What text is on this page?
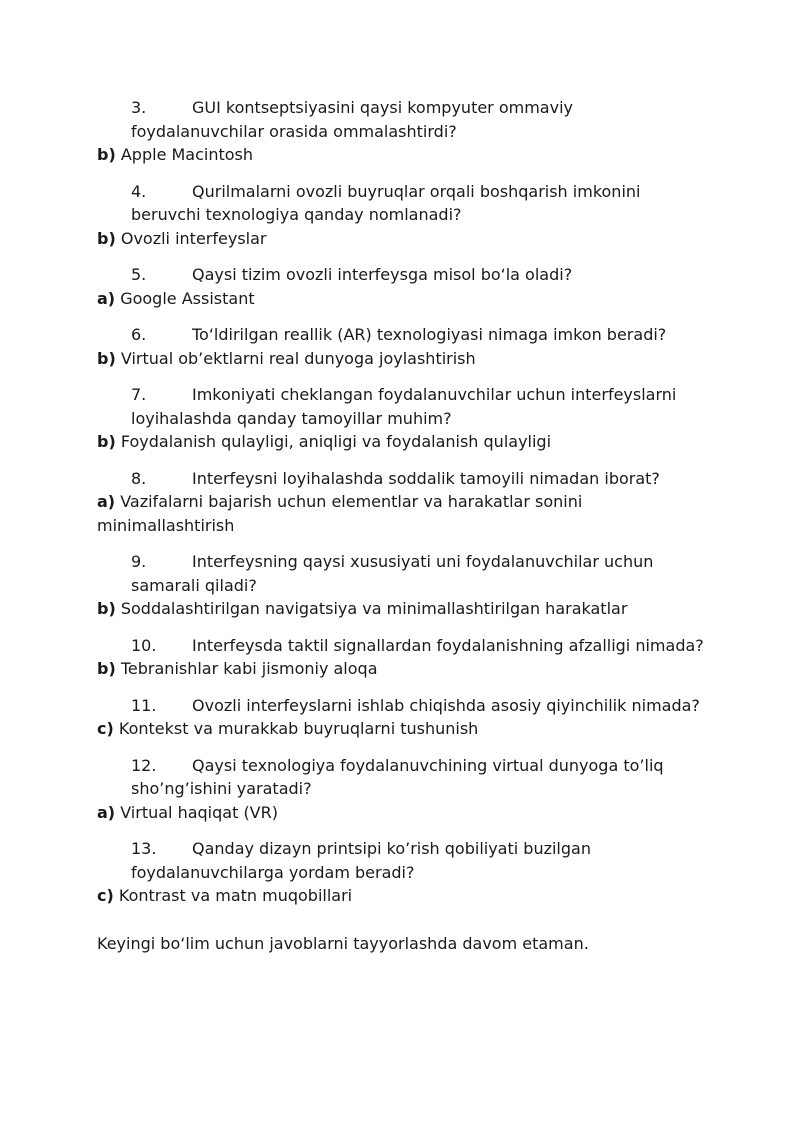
3.	GUI kontseptsiyasini qaysi kompyuter ommaviy foydalanuvchilar orasida ommalashtirdi?

b) Apple Macintosh

4.	Qurilmalarni ovozli buyruqlar orqali boshqarish imkonini beruvchi texnologiya qanday nomlanadi?

b) Ovozli interfeyslar

5.	Qaysi tizim ovozli interfeysga misol bo‘la oladi?

a) Google Assistant

6.	To‘ldirilgan reallik (AR) texnologiyasi nimaga imkon beradi?

b) Virtual ob’ektlarni real dunyoga joylashtirish

7.	Imkoniyati cheklangan foydalanuvchilar uchun interfeyslarni loyihalashda qanday tamoyillar muhim?

b) Foydalanish qulayligi, aniqligi va foydalanish qulayligi

8.	Interfeysni loyihalashda soddalik tamoyili nimadan iborat?

a) Vazifalarni bajarish uchun elementlar va harakatlar sonini minimallashtirish

9.	Interfeysning qaysi xususiyati uni foydalanuvchilar uchun samarali qiladi?

b) Soddalashtirilgan navigatsiya va minimallashtirilgan harakatlar

10. Interfeysda taktil signallardan foydalanishning afzalligi nimada?

b) Tebranishlar kabi jismoniy aloqa

11. Ovozli interfeyslarni ishlab chiqishda asosiy qiyinchilik nimada?

c) Kontekst va murakkab buyruqlarni tushunish

12. Qaysi texnologiya foydalanuvchining virtual dunyoga to’liq sho’ng’ishini yaratadi?

a) Virtual haqiqat (VR)

13. Qanday dizayn printsipi ko’rish qobiliyati buzilgan foydalanuvchilarga yordam beradi?

c) Kontrast va matn muqobillari

Keyingi bo‘lim uchun javoblarni tayyorlashda davom etaman.
